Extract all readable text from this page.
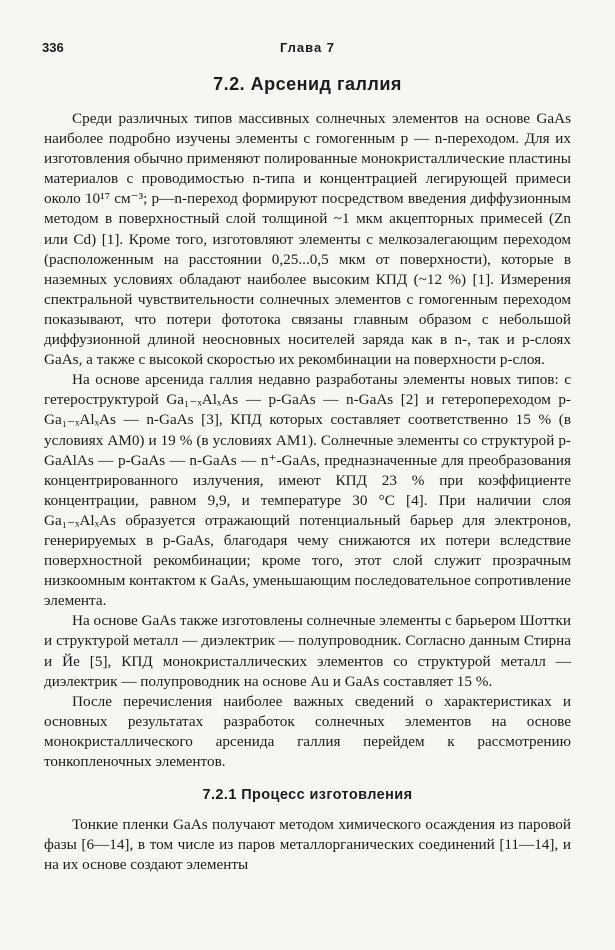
336	Глава 7
7.2. Арсенид галлия

Среди различных типов массивных солнечных элементов на основе GaAs наиболее подробно изучены элементы с гомогенным p — n-переходом. Для их изготовления обычно применяют полированные монокристаллические пластины материалов с проводимостью n-типа и концентрацией легирующей примеси около 10¹⁷ см⁻³; p—n-переход формируют посредством введения диффузионным методом в поверхностный слой толщиной ~1 мкм акцепторных примесей (Zn или Cd) [1]. Кроме того, изготовляют элементы с мелкозалегающим переходом (расположенным на расстоянии 0,25...0,5 мкм от поверхности), которые в наземных условиях обладают наиболее высоким КПД (~12 %) [1]. Измерения спектральной чувствительности солнечных элементов с гомогенным переходом показывают, что потери фототока связаны главным образом с небольшой диффузионной длиной неосновных носителей заряда как в n-, так и p-слоях GaAs, а также с высокой скоростью их рекомбинации на поверхности p-слоя.

На основе арсенида галлия недавно разработаны элементы новых типов: с гетероструктурой Ga₁₋ₓAlₓAs — p-GaAs — n-GaAs [2] и гетеропереходом p-Ga₁₋ₓAlₓAs — n-GaAs [3], КПД которых составляет соответственно 15 % (в условиях AM0) и 19 % (в условиях AM1). Солнечные элементы со структурой p-GaAlAs — p-GaAs — n-GaAs — n⁺-GaAs, предназначенные для преобразования концентрированного излучения, имеют КПД 23 % при коэффициенте концентрации, равном 9,9, и температуре 30 °C [4]. При наличии слоя Ga₁₋ₓAlₓAs образуется отражающий потенциальный барьер для электронов, генерируемых в p-GaAs, благодаря чему снижаются их потери вследствие поверхностной рекомбинации; кроме того, этот слой служит прозрачным низкоомным контактом к GaAs, уменьшающим последовательное сопротивление элемента.

На основе GaAs также изготовлены солнечные элементы с барьером Шоттки и структурой металл — диэлектрик — полупроводник. Согласно данным Стирна и Йе [5], КПД монокристаллических элементов со структурой металл — диэлектрик — полупроводник на основе Au и GaAs составляет 15 %.

После перечисления наиболее важных сведений о характеристиках и основных результатах разработок солнечных элементов на основе монокристаллического арсенида галлия перейдем к рассмотрению тонкопленочных элементов.

7.2.1 Процесс изготовления

Тонкие пленки GaAs получают методом химического осаждения из паровой фазы [6—14], в том числе из паров металлорганических соединений [11—14], и на их основе создают элементы
